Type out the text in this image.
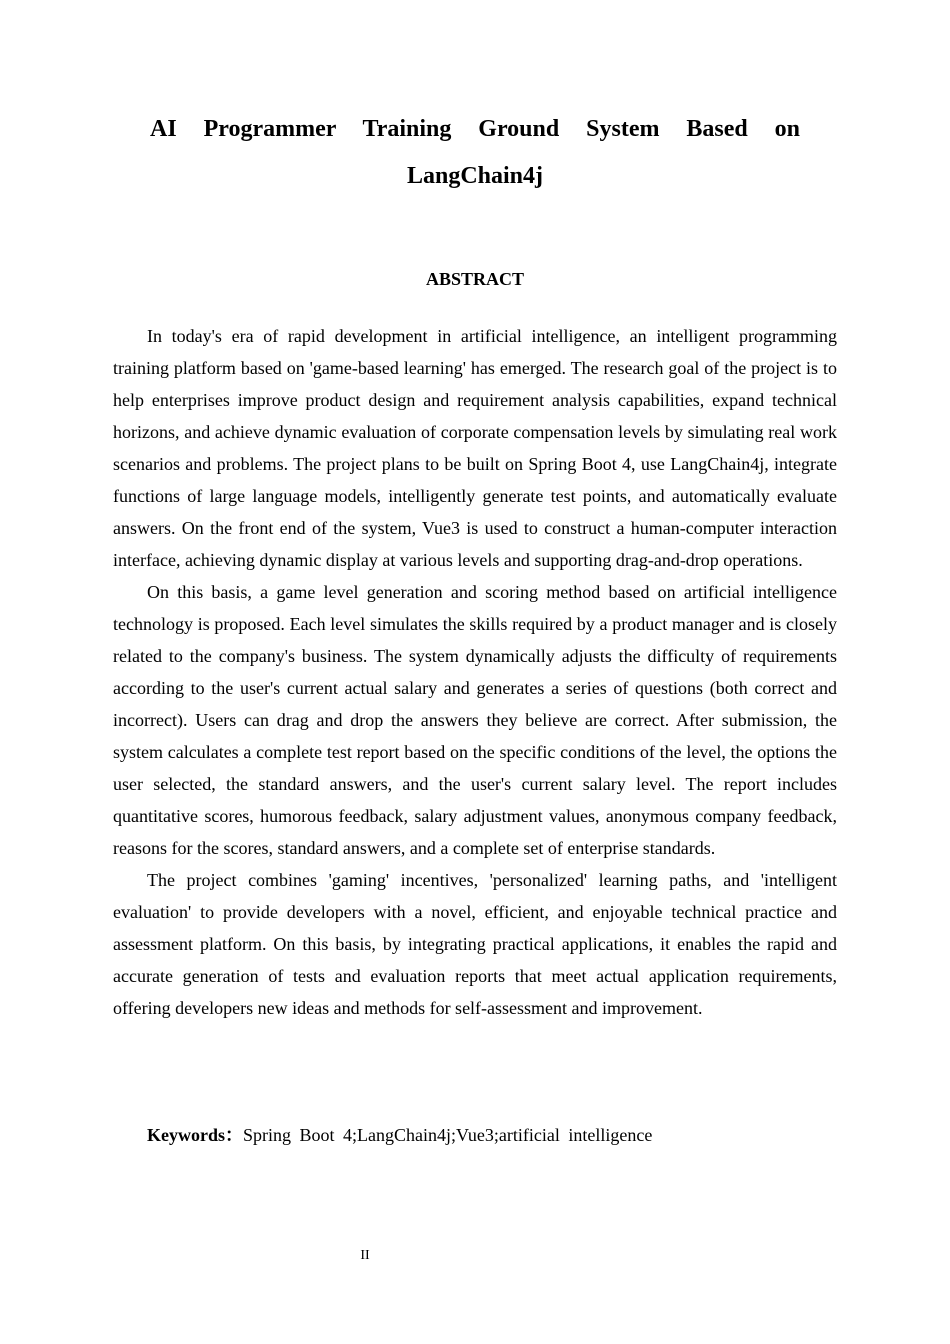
AI Programmer Training Ground System Based on LangChain4j
ABSTRACT

In today's era of rapid development in artificial intelligence, an intelligent programming training platform based on 'game-based learning' has emerged. The research goal of the project is to help enterprises improve product design and requirement analysis capabilities, expand technical horizons, and achieve dynamic evaluation of corporate compensation levels by simulating real work scenarios and problems. The project plans to be built on Spring Boot 4, use LangChain4j, integrate functions of large language models, intelligently generate test points, and automatically evaluate answers. On the front end of the system, Vue3 is used to construct a human-computer interaction interface, achieving dynamic display at various levels and supporting drag-and-drop operations.

On this basis, a game level generation and scoring method based on artificial intelligence technology is proposed. Each level simulates the skills required by a product manager and is closely related to the company's business. The system dynamically adjusts the difficulty of requirements according to the user's current actual salary and generates a series of questions (both correct and incorrect). Users can drag and drop the answers they believe are correct. After submission, the system calculates a complete test report based on the specific conditions of the level, the options the user selected, the standard answers, and the user's current salary level. The report includes quantitative scores, humorous feedback, salary adjustment values, anonymous company feedback, reasons for the scores, standard answers, and a complete set of enterprise standards.

The project combines 'gaming' incentives, 'personalized' learning paths, and 'intelligent evaluation' to provide developers with a novel, efficient, and enjoyable technical practice and assessment platform. On this basis, by integrating practical applications, it enables the rapid and accurate generation of tests and evaluation reports that meet actual application requirements, offering developers new ideas and methods for self-assessment and improvement.

Keywords：Spring Boot 4;LangChain4j;Vue3;artificial intelligence

II
